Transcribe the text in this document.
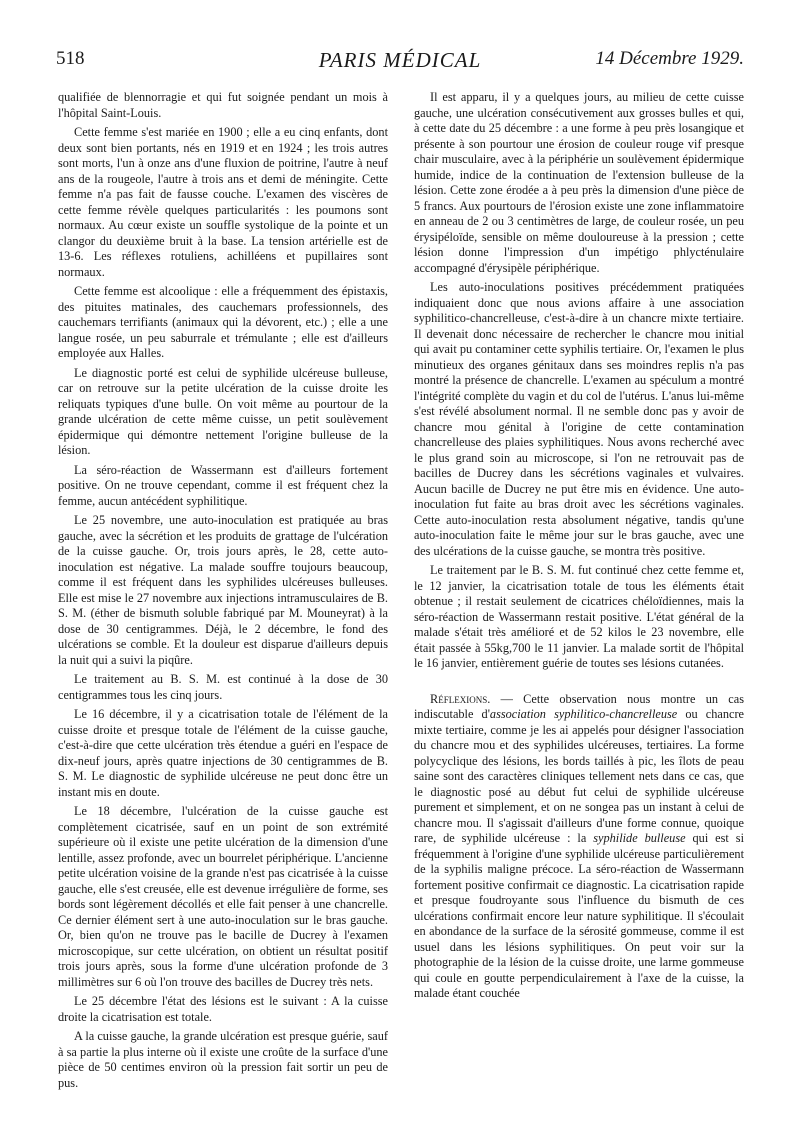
518	PARIS MÉDICAL	14 Décembre 1929.

qualifiée de blennorragie et qui fut soignée pendant un mois à l'hôpital Saint-Louis.

Cette femme s'est mariée en 1900 ; elle a eu cinq enfants, dont deux sont bien portants, nés en 1919 et en 1924 ; les trois autres sont morts, l'un à onze ans d'une fluxion de poitrine, l'autre à neuf ans de la rougeole, l'autre à trois ans et demi de méningite. Cette femme n'a pas fait de fausse couche. L'examen des viscères de cette femme révèle quelques particularités : les poumons sont normaux. Au cœur existe un souffle systolique de la pointe et un clangor du deuxième bruit à la base. La tension artérielle est de 13-6. Les réflexes rotuliens, achilléens et pupillaires sont normaux.

Cette femme est alcoolique : elle a fréquemment des épistaxis, des pituites matinales, des cauchemars professionnels, des cauchemars terrifiants (animaux qui la dévorent, etc.) ; elle a une langue rosée, un peu saburrale et trémulante ; elle est d'ailleurs employée aux Halles.

Le diagnostic porté est celui de syphilide ulcéreuse bulleuse, car on retrouve sur la petite ulcération de la cuisse droite les reliquats typiques d'une bulle. On voit même au pourtour de la grande ulcération de cette même cuisse, un petit soulèvement épidermique qui démontre nettement l'origine bulleuse de la lésion.

La séro-réaction de Wassermann est d'ailleurs fortement positive. On ne trouve cependant, comme il est fréquent chez la femme, aucun antécédent syphilitique.

Le 25 novembre, une auto-inoculation est pratiquée au bras gauche, avec la sécrétion et les produits de grattage de l'ulcération de la cuisse gauche. Or, trois jours après, le 28, cette auto-inoculation est négative. La malade souffre toujours beaucoup, comme il est fréquent dans les syphilides ulcéreuses bulleuses. Elle est mise le 27 novembre aux injections intramusculaires de B. S. M. (éther de bismuth soluble fabriqué par M. Mouneyrat) à la dose de 30 centigrammes. Déjà, le 2 décembre, le fond des ulcérations se comble. Et la douleur est disparue d'ailleurs depuis la nuit qui a suivi la piqûre.

Le traitement au B. S. M. est continué à la dose de 30 centigrammes tous les cinq jours.

Le 16 décembre, il y a cicatrisation totale de l'élément de la cuisse droite et presque totale de l'élément de la cuisse gauche, c'est-à-dire que cette ulcération très étendue a guéri en l'espace de dix-neuf jours, après quatre injections de 30 centigrammes de B. S. M. Le diagnostic de syphilide ulcéreuse ne peut donc être un instant mis en doute.

Le 18 décembre, l'ulcération de la cuisse gauche est complètement cicatrisée, sauf en un point de son extrémité supérieure où il existe une petite ulcération de la dimension d'une lentille, assez profonde, avec un bourrelet périphérique. L'ancienne petite ulcération voisine de la grande n'est pas cicatrisée à la cuisse gauche, elle s'est creusée, elle est devenue irrégulière de forme, ses bords sont légèrement décollés et elle fait penser à une chancrelle. Ce dernier élément sert à une auto-inoculation sur le bras gauche. Or, bien qu'on ne trouve pas le bacille de Ducrey à l'examen microscopique, sur cette ulcération, on obtient un résultat positif trois jours après, sous la forme d'une ulcération profonde de 3 millimètres sur 6 où l'on trouve des bacilles de Ducrey très nets.

Le 25 décembre l'état des lésions est le suivant : A la cuisse droite la cicatrisation est totale.

A la cuisse gauche, la grande ulcération est presque guérie, sauf à sa partie la plus interne où il existe une croûte de la surface d'une pièce de 50 centimes environ où la pression fait sortir un peu de pus.

Il est apparu, il y a quelques jours, au milieu de cette cuisse gauche, une ulcération consécutivement aux grosses bulles et qui, à cette date du 25 décembre : a une forme à peu près losangique et présente à son pourtour une érosion de couleur rouge vif presque chair musculaire, avec à la périphérie un soulèvement épidermique humide, indice de la continuation de l'extension bulleuse de la lésion. Cette zone érodée a à peu près la dimension d'une pièce de 5 francs. Aux pourtours de l'érosion existe une zone inflammatoire en anneau de 2 ou 3 centimètres de large, de couleur rosée, un peu érysipéloïde, sensible on même douloureuse à la pression ; cette lésion donne l'impression d'un impétigo phlycténulaire accompagné d'érysipèle périphérique.

Les auto-inoculations positives précédemment pratiquées indiquaient donc que nous avions affaire à une association syphilitico-chancrelleuse, c'est-à-dire à un chancre mixte tertiaire. Il devenait donc nécessaire de rechercher le chancre mou initial qui avait pu contaminer cette syphilis tertiaire. Or, l'examen le plus minutieux des organes génitaux dans ses moindres replis n'a pas montré la présence de chancrelle. L'examen au spéculum a montré l'intégrité complète du vagin et du col de l'utérus. L'anus lui-même s'est révélé absolument normal. Il ne semble donc pas y avoir de chancre mou génital à l'origine de cette contamination chancrelleuse des plaies syphilitiques. Nous avons recherché avec le plus grand soin au microscope, si l'on ne retrouvait pas de bacilles de Ducrey dans les sécrétions vaginales et vulvaires. Aucun bacille de Ducrey ne put être mis en évidence. Une auto-inoculation fut faite au bras droit avec les sécrétions vaginales. Cette auto-inoculation resta absolument négative, tandis qu'une auto-inoculation faite le même jour sur le bras gauche, avec une des ulcérations de la cuisse gauche, se montra très positive.

Le traitement par le B. S. M. fut continué chez cette femme et, le 12 janvier, la cicatrisation totale de tous les éléments était obtenue ; il restait seulement de cicatrices chéloïdiennes, mais la séro-réaction de Wassermann restait positive. L'état général de la malade s'était très amélioré et de 52 kilos le 23 novembre, elle était passée à 55kg,700 le 11 janvier. La malade sortit de l'hôpital le 16 janvier, entièrement guérie de toutes ses lésions cutanées.

Réflexions. — Cette observation nous montre un cas indiscutable d'association syphilitico-chancrelleuse ou chancre mixte tertiaire, comme je les ai appelés pour désigner l'association du chancre mou et des syphilides ulcéreuses, tertiaires. La forme polycyclique des lésions, les bords taillés à pic, les îlots de peau saine sont des caractères cliniques tellement nets dans ce cas, que le diagnostic posé au début fut celui de syphilide ulcéreuse purement et simplement, et on ne songea pas un instant à celui de chancre mou. Il s'agissait d'ailleurs d'une forme connue, quoique rare, de syphilide ulcéreuse : la syphilide bulleuse qui est si fréquemment à l'origine d'une syphilide ulcéreuse particulièrement de la syphilis maligne précoce. La séro-réaction de Wassermann fortement positive confirmait ce diagnostic. La cicatrisation rapide et presque foudroyante sous l'influence du bismuth de ces ulcérations confirmait encore leur nature syphilitique. Il s'écoulait en abondance de la surface de la sérosité gommeuse, comme il est usuel dans les lésions syphilitiques. On peut voir sur la photographie de la lésion de la cuisse droite, une larme gommeuse qui coule en goutte perpendiculairement à l'axe de la cuisse, la malade étant couchée
